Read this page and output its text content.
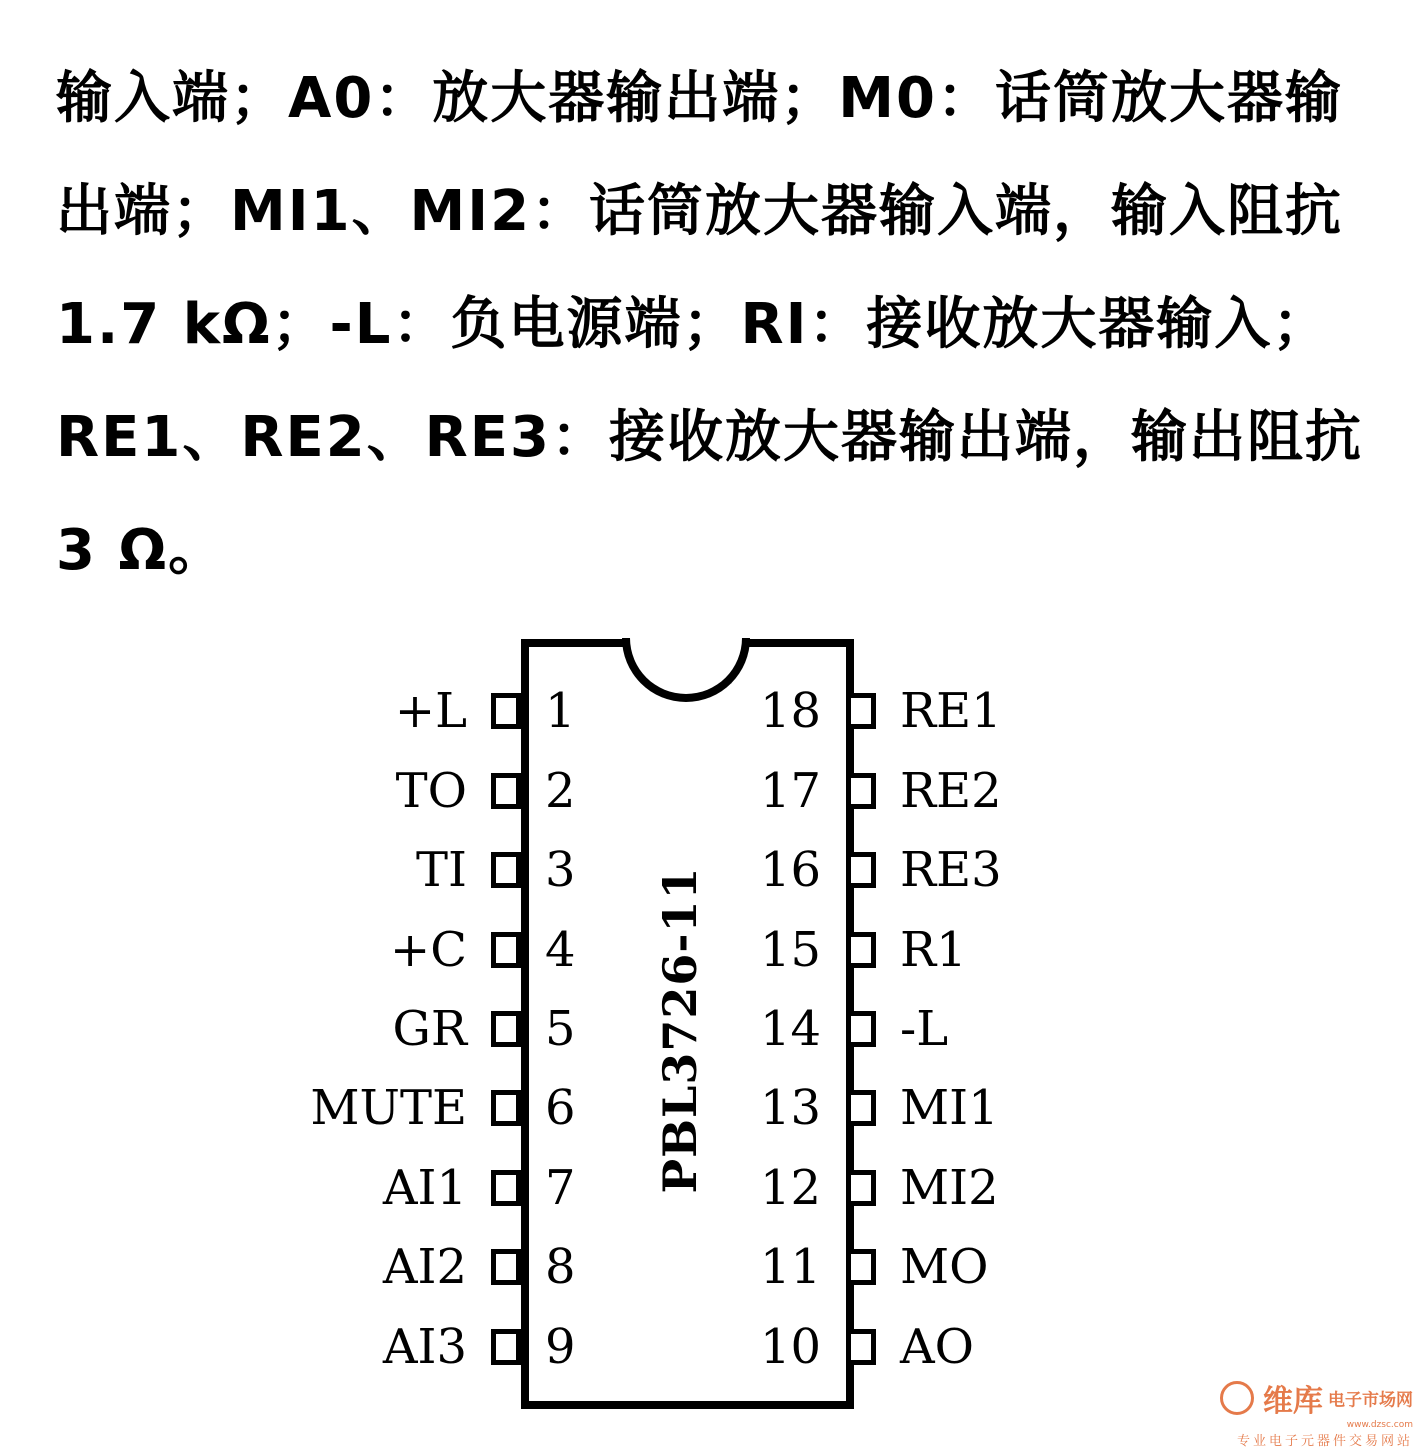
输入端；A0：放大器输出端；M0：话筒放大器输出端；MI1、MI2：话筒放大器输入端，输入阻抗 1.7 kΩ；-L：负电源端；RI：接收放大器输入；RE1、RE2、RE3：接收放大器输出端，输出阻抗 3 Ω。

PBL3726-11
1
+L
2
TO
3
TI
4
+C
5
GR
6
MUTE
7
AI1
8
AI2
9
AI3
18 RE1
17 RE2
16 RE3
15 R1
14 -L
13 MI1
12 MI2
11 MO
10 AO
维库 电子市场网
www.dzsc.com
专业电子元器件交易网站
